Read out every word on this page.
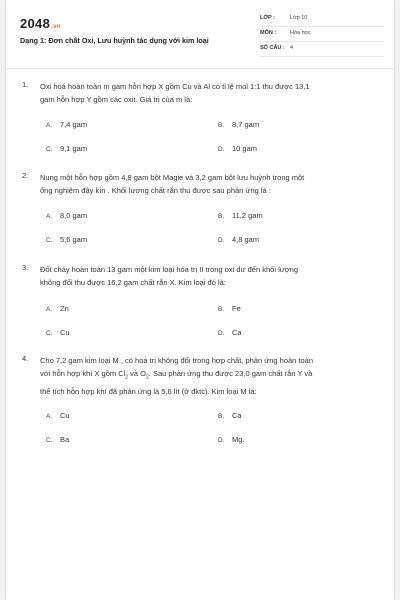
2048.vn
Dạng 1: Đơn chất Oxi, Lưu huỳnh tác dụng với kim loại
LỚP :	Lớp 10
MÔN :	Hóa học
SỐ CÂU : 4
1. Oxi hoá hoàn toàn m gam hỗn hợp X gồm Cu và Al có tỉ lệ mol 1:1 thu được 13,1
gam hỗn hợp Y gồm các oxit. Giá trị của m là:
A. 7,4 gam	B. 8,7 gam
C. 9,1 gam	D. 10 gam
2. Nung một hỗn hợp gồm 4,8 gam bột Magie và 3,2 gam bột lưu huỳnh trong một
ống nghiệm đậy kín . Khối lương chất rắn thu được sau phản ứng là :
A. 8,0 gam	B. 11,2 gam
C. 5,6 gam	D. 4,8 gam
3. Đốt cháy hoàn toàn 13 gam một kim loại hóa trị II trong oxi dư đến khối lượng
không đổi thu được 16,2 gam chất rắn X. Kim loại đó là:
A. Zn	B. Fe
C. Cu	D. Ca
4. Cho 7,2 gam kim loại M , có hoá trị không đổi trong hợp chất, phản ứng hoàn toàn
với hỗn hợp khí X gồm $Cl_2$ và $O_2$. Sau phản ứng thu được 23,0 gam chất rắn Y và
thể tích hỗn hợp khí đã phản ứng là 5,6 lít (ở đktc). Kim loại M là:
A. Cu	B. Ca
C. Ba	D. Mg.
